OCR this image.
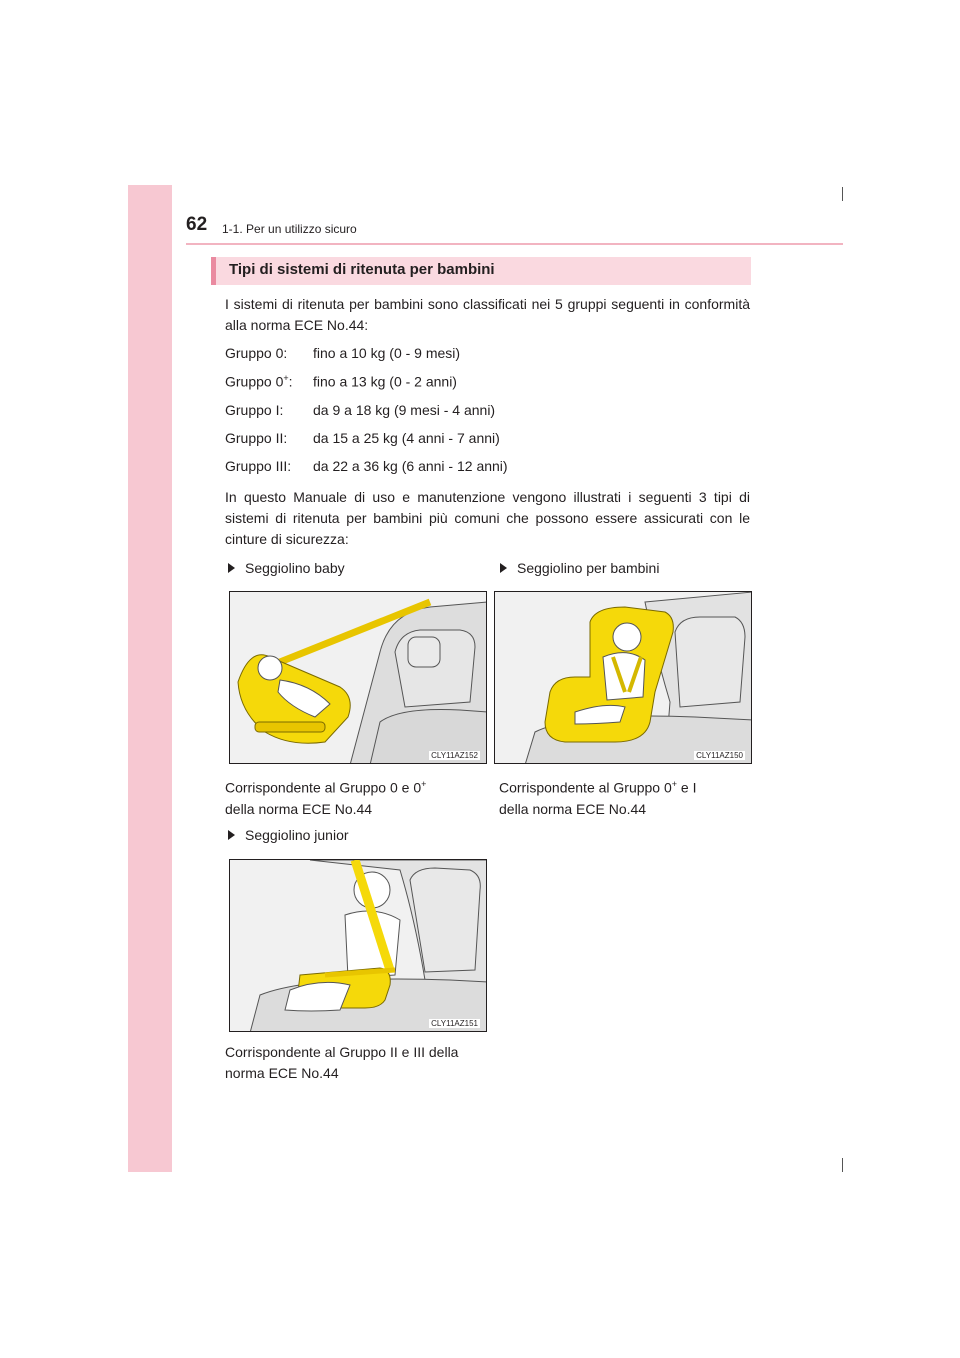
62 1-1. Per un utilizzo sicuro
Tipi di sistemi di ritenuta per bambini
I sistemi di ritenuta per bambini sono classificati nei 5 gruppi seguenti in conformità alla norma ECE No.44:
Gruppo 0: fino a 10 kg (0 - 9 mesi)
Gruppo 0+: fino a 13 kg (0 - 2 anni)
Gruppo I: da 9 a 18 kg (9 mesi - 4 anni)
Gruppo II: da 15 a 25 kg (4 anni - 7 anni)
Gruppo III: da 22 a 36 kg (6 anni - 12 anni)
In questo Manuale di uso e manutenzione vengono illustrati i seguenti 3 tipi di sistemi di ritenuta per bambini più comuni che possono essere assicurati con le cinture di sicurezza:
Seggiolino baby	Seggiolino per bambini
CLY11AZ152	CLY11AZ150
Corrispondente al Gruppo 0 e 0+
della norma ECE No.44
Corrispondente al Gruppo 0+ e I
della norma ECE No.44
Seggiolino junior
CLY11AZ151
Corrispondente al Gruppo II e III della norma ECE No.44
